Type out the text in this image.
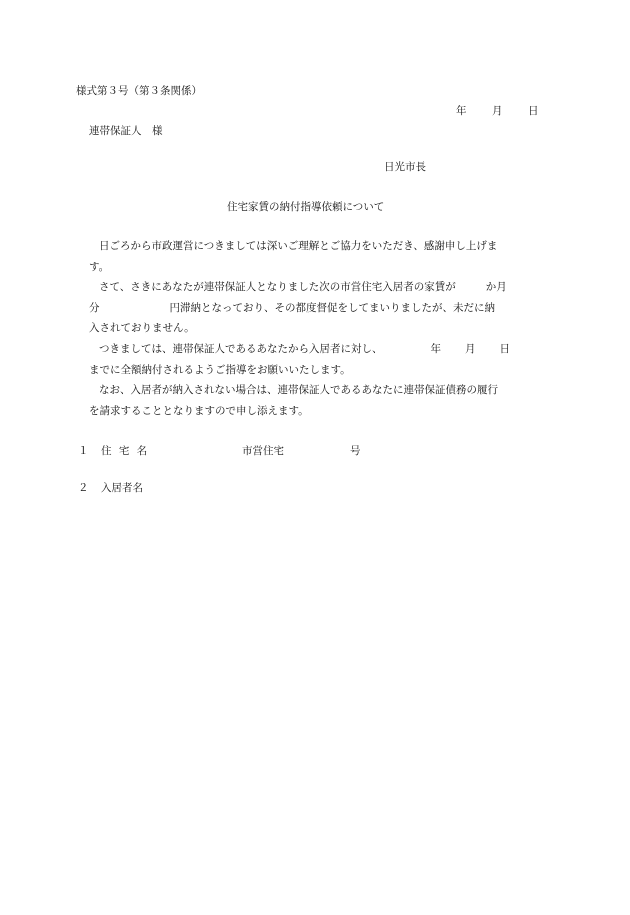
様式第３号（第３条関係）
年 月 日
連帯保証人　様
日光市長
住宅家賃の納付指導依頼について
日ごろから市政運営につきましては深いご理解とご協力をいただき、感謝申し上げま
す。
さて、さきにあなたが連帯保証人となりました次の市営住宅入居者の家賃が	か月
分	円滞納となっており、その都度督促をしてまいりましたが、未だに納
入されておりません。
つきましては、連帯保証人であるあなたから入居者に対し、	年 月 日
までに全額納付されるようご指導をお願いいたします。
なお、入居者が納入されない場合は、連帯保証人であるあなたに連帯保証債務の履行
を請求することとなりますので申し添えます。
１ 住 宅 名	市営住宅	号
２ 入居者名
